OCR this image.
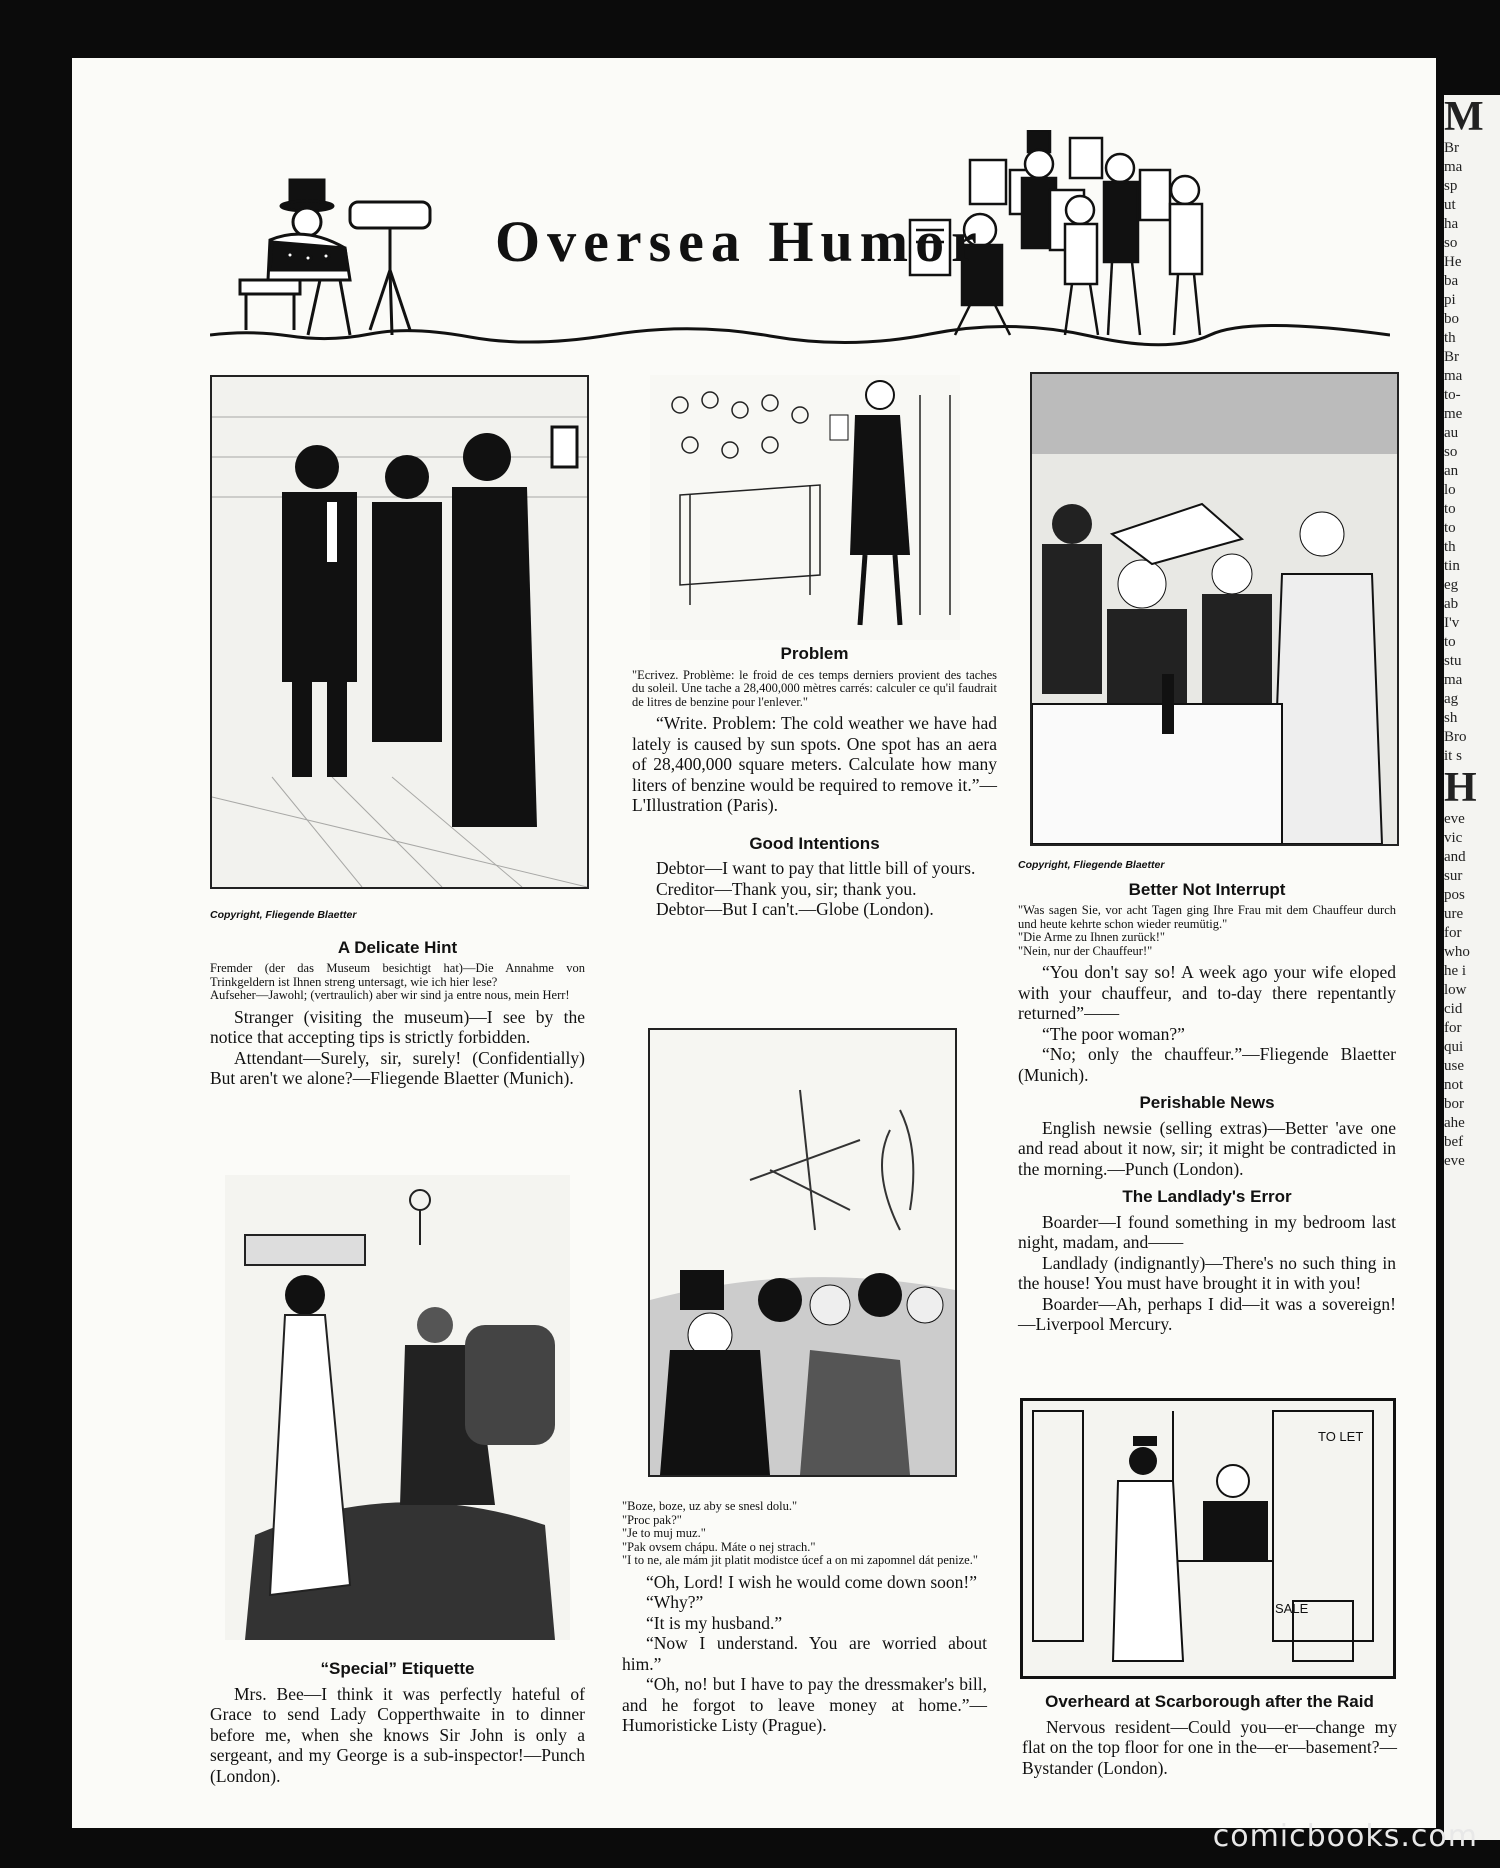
M
Br
ma
sp
ut
ha
so
He
ba
pi
bo
th
Br
ma
to-
me
au
so
an
lo
to
to
th
tin
eg
ab
I'v
to
stu
ma
ag
sh
Bro
it s
H
eve
vic
and
sur
pos
ure
for
who
he i
low
cid
for
qui
use
not
bor
ahe
bef
eve
Oversea Humor
Copyright, Fliegende Blaetter
A Delicate Hint
Fremder (der das Museum besichtigt hat)—Die Annahme von Trinkgeldern ist Ihnen streng untersagt, wie ich hier lese?
Aufseher—Jawohl; (vertraulich) aber wir sind ja entre nous, mein Herr!

Stranger (visiting the museum)—I see by the notice that accepting tips is strictly forbidden.

Attendant—Surely, sir, surely! (Confidentially) But aren't we alone?—Fliegende Blaetter (Munich).

“Special” Etiquette

Mrs. Bee—I think it was perfectly hateful of Grace to send Lady Copperthwaite in to dinner before me, when she knows Sir John is only a sergeant, and my George is a sub-inspector!—Punch (London).

Problem
"Ecrivez. Problème: le froid de ces temps derniers provient des taches du soleil. Une tache a 28,400,000 mètres carrés: calculer ce qu'il faudrait de litres de benzine pour l'enlever."

“Write. Problem: The cold weather we have had lately is caused by sun spots. One spot has an aera of 28,400,000 square meters. Calculate how many liters of benzine would be required to remove it.”—L'Illustration (Paris).

Good Intentions

Debtor—I want to pay that little bill of yours.

Creditor—Thank you, sir; thank you.

Debtor—But I can't.—Globe (London).

"Boze, boze, uz aby se snesl dolu."
"Proc pak?"
"Je to muj muz."
"Pak ovsem chápu. Máte o nej strach."
"I to ne, ale mám jit platit modistce úcef a on mi zapomnel dát penize."

“Oh, Lord! I wish he would come down soon!”

“Why?”

“It is my husband.”

“Now I understand. You are worried about him.”

“Oh, no! but I have to pay the dressmaker's bill, and he forgot to leave money at home.”—Humoristicke Listy (Prague).

Copyright, Fliegende Blaetter
Better Not Interrupt
"Was sagen Sie, vor acht Tagen ging Ihre Frau mit dem Chauffeur durch und heute kehrte schon wieder reumütig."
"Die Arme zu Ihnen zurück!"
"Nein, nur der Chauffeur!"

“You don't say so! A week ago your wife eloped with your chauffeur, and to-day there repentantly returned”——

“The poor woman?”

“No; only the chauffeur.”—Fliegende Blaetter (Munich).

Perishable News

English newsie (selling extras)—Better 'ave one and read about it now, sir; it might be contradicted in the morning.—Punch (London).

The Landlady's Error

Boarder—I found something in my bedroom last night, madam, and——

Landlady (indignantly)—There's no such thing in the house! You must have brought it in with you!

Boarder—Ah, perhaps I did—it was a sovereign!—Liverpool Mercury.

TO LET
SALE
Overheard at Scarborough after the Raid

Nervous resident—Could you—er—change my flat on the top floor for one in the—er—basement?—Bystander (London).

comicbooks.com
